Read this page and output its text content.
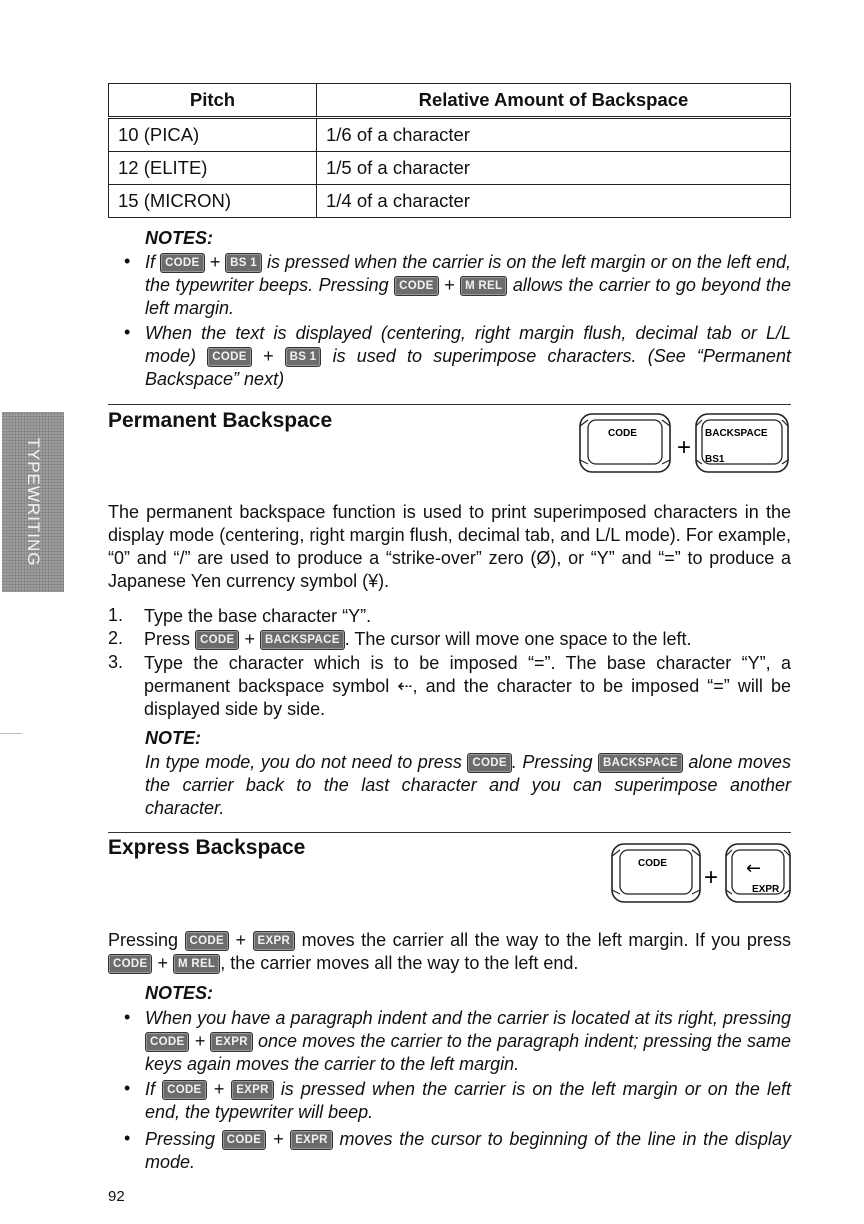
TYPEWRITING
Pitch	Relative Amount of Backspace
10 (PICA)	1/6 of a character
12 (ELITE)	1/5 of a character
15 (MICRON)	1/4 of a character
NOTES:
• If CODE + BS 1 is pressed when the carrier is on the left margin or on the left end, the typewriter beeps. Pressing CODE + M REL allows the carrier to go beyond the left margin.
• When the text is displayed (centering, right margin flush, decimal tab or L/L mode) CODE + BS 1 is used to superimpose characters. (See “Permanent Backspace” next)
Permanent Backspace
CODE
+
BACKSPACE
BS1
The permanent backspace function is used to print superimposed characters in the display mode (centering, right margin flush, decimal tab, and L/L mode). For example, “0” and “/” are used to produce a “strike-over” zero (Ø), or “Y” and “=” to produce a Japanese Yen currency symbol (¥).
1. Type the base character “Y”.
2. Press CODE + BACKSPACE . The cursor will move one space to the left.
3. Type the character which is to be imposed “=”. The base character “Y”, a permanent backspace symbol ⇠, and the character to be imposed “=” will be displayed side by side.
NOTE:
In type mode, you do not need to press CODE . Pressing BACKSPACE alone moves the carrier back to the last character and you can superimpose another character.
Express Backspace
CODE
+ ←
EXPR
Pressing CODE + EXPR moves the carrier all the way to the left margin. If you press CODE + M REL , the carrier moves all the way to the left end.
NOTES:
• When you have a paragraph indent and the carrier is located at its right, pressing CODE + EXPR once moves the carrier to the paragraph indent; pressing the same keys again moves the carrier to the left margin.
• If CODE + EXPR is pressed when the carrier is on the left margin or on the left end, the typewriter will beep.
• Pressing CODE + EXPR moves the cursor to beginning of the line in the display mode.
92
